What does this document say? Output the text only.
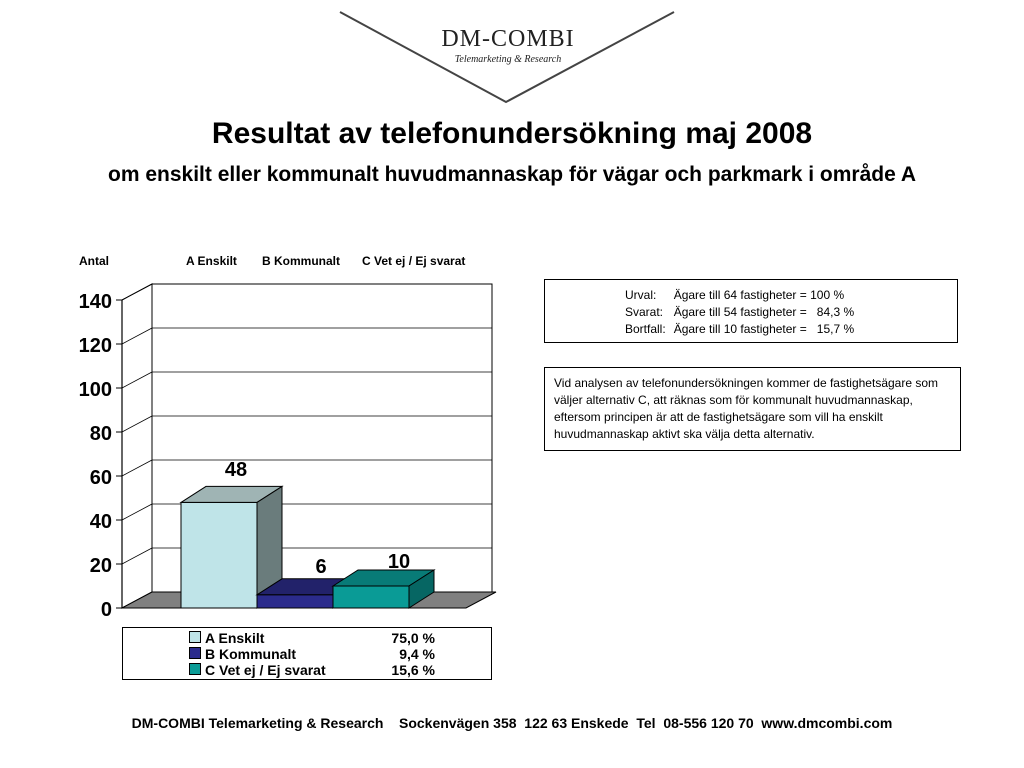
DM-COMBI
Telemarketing & Research
Resultat av telefonundersökning maj 2008
om enskilt eller kommunalt huvudmannaskap för vägar och parkmark i område A
Antal	A Enskilt B Kommunalt C Vet ej / Ej svarat
0
20
40
60
80
100
120
140
48
6	10
A Enskilt	75,0 %
B Kommunalt	9,4 %
C Vet ej / Ej svarat	15,6 %
Urval:	Ägare till 64 fastigheter = 100 %
Svarat:	Ägare till 54 fastigheter =   84,3 %
Bortfall:	Ägare till 10 fastigheter =   15,7 %
Vid analysen av telefonundersökningen kommer de fastighetsägare som väljer alternativ C, att räknas som för kommunalt huvudmannaskap, eftersom principen är att de fastighetsägare som vill ha enskilt huvudmannaskap aktivt ska välja detta alternativ.
DM-COMBI Telemarketing & Research    Sockenvägen 358  122 63 Enskede  Tel  08-556 120 70  www.dmcombi.com
